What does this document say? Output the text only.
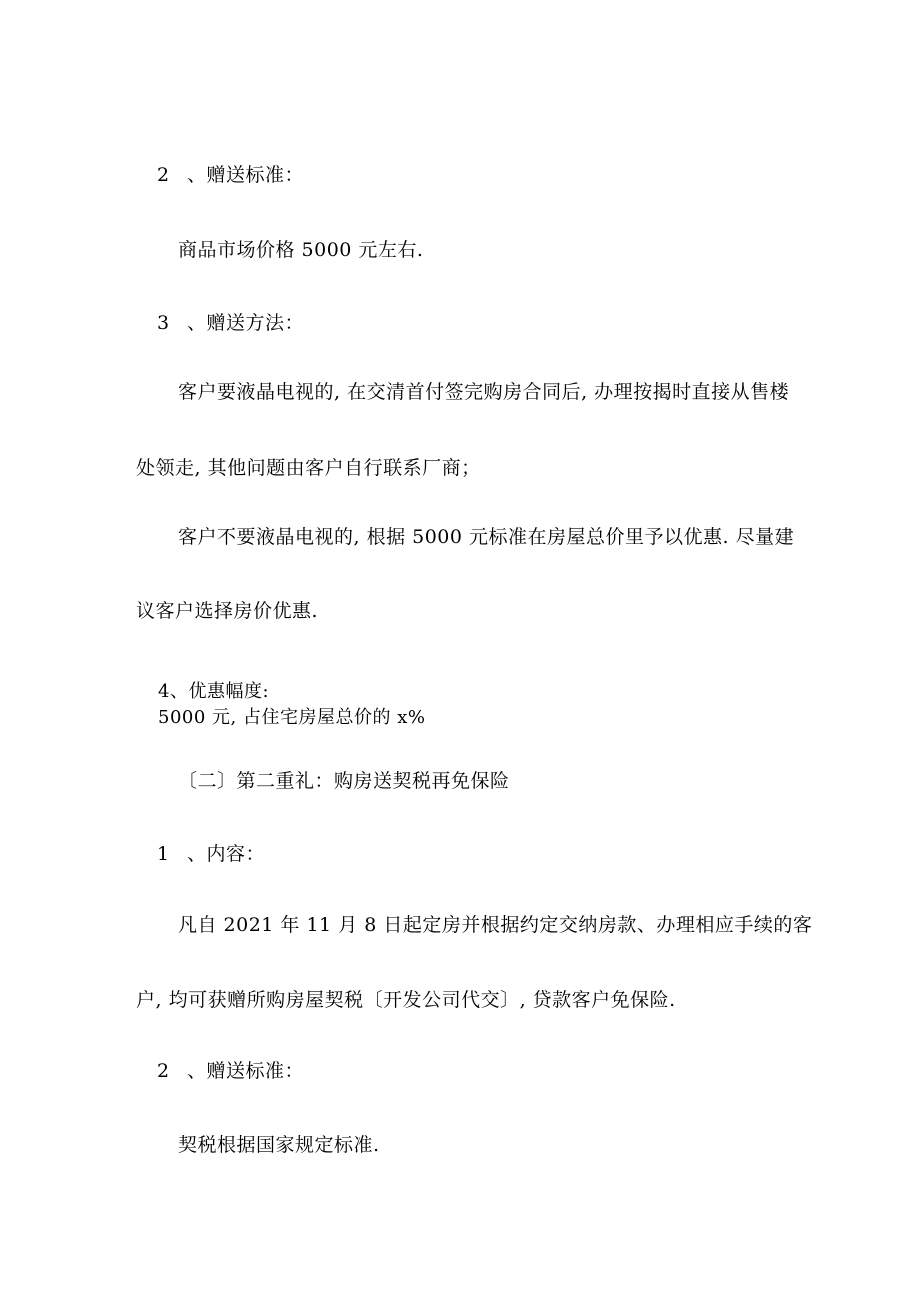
2 、赠送标准：
商品市场价格 5000 元左右.
3 、赠送方法：
客户要液晶电视的, 在交清首付签完购房合同后, 办理按揭时直接从售楼
处领走, 其他问题由客户自行联系厂商；
客户不要液晶电视的, 根据 5000 元标准在房屋总价里予以优惠. 尽量建
议客户选择房价优惠.
4、优惠幅度:
5000 元, 占住宅房屋总价的 x%
〔二〕第二重礼：购房送契税再免保险
1 、内容：
凡自 2021 年 11 月 8 日起定房并根据约定交纳房款、办理相应手续的客
户, 均可获赠所购房屋契税〔开发公司代交〕, 贷款客户免保险.
2 、赠送标准：
契税根据国家规定标准.
